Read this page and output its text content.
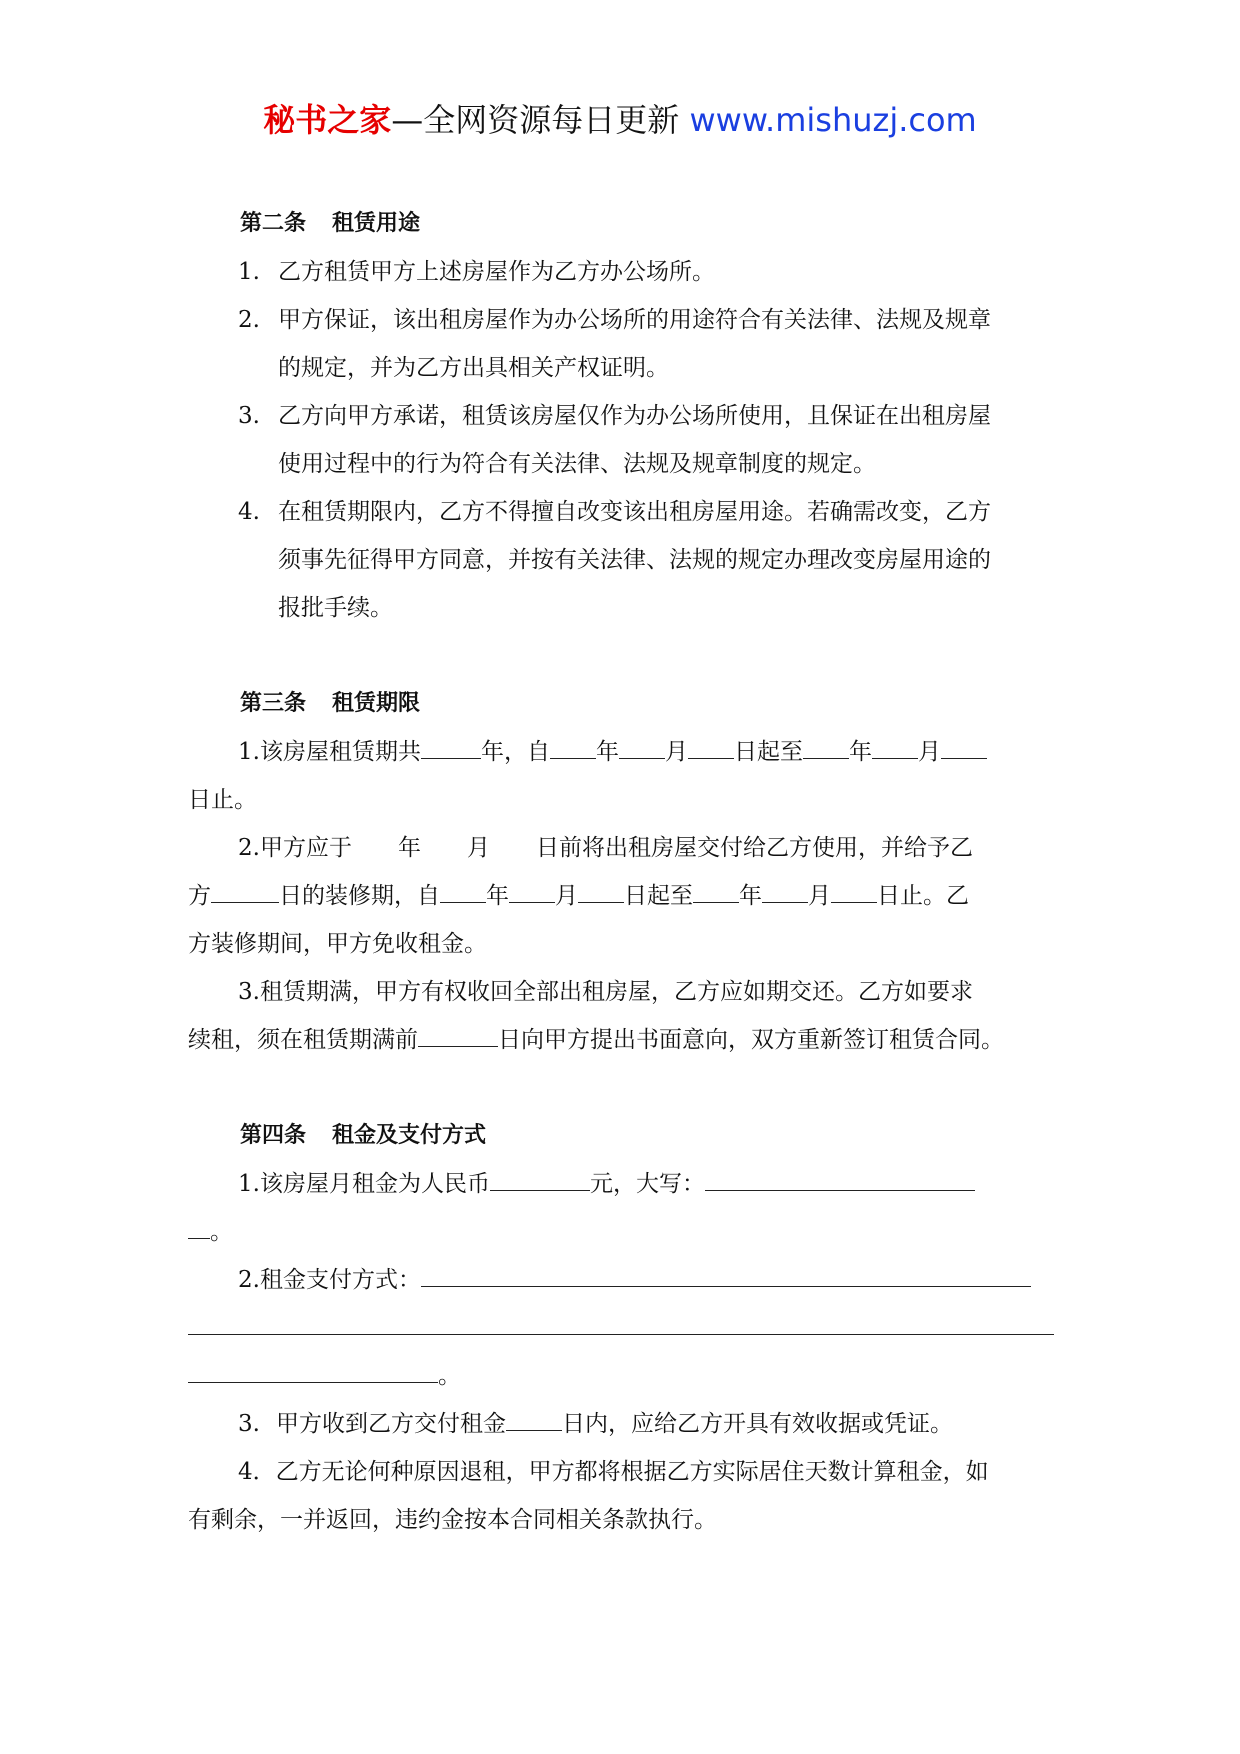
秘书之家—全网资源每日更新 www.mishuzj.com
第二条 租赁用途
1. 乙方租赁甲方上述房屋作为乙方办公场所。
2. 甲方保证，该出租房屋作为办公场所的用途符合有关法律、法规及规章
的规定，并为乙方出具相关产权证明。
3. 乙方向甲方承诺，租赁该房屋仅作为办公场所使用，且保证在出租房屋
使用过程中的行为符合有关法律、法规及规章制度的规定。
4. 在租赁期限内，乙方不得擅自改变该出租房屋用途。若确需改变，乙方
须事先征得甲方同意，并按有关法律、法规的规定办理改变房屋用途的
报批手续。
第三条 租赁期限
1.该房屋租赁期共	年，自 年 月 日起至 年 月
日止。
2.甲方应于 年 月 日前将出租房屋交付给乙方使用，并给予乙
方	日的装修期，自 年 月 日起至 年 月 日止。乙
方装修期间，甲方免收租金。
3.租赁期满，甲方有权收回全部出租房屋，乙方应如期交还。乙方如要求
续租，须在租赁期满前	日向甲方提出书面意向，双方重新签订租赁合同。
第四条 租金及支付方式
1.该房屋月租金为人民币	元，大写：
。
2.租金支付方式：
。
3. 甲方收到乙方交付租金 日内，应给乙方开具有效收据或凭证。
4．乙方无论何种原因退租，甲方都将根据乙方实际居住天数计算租金，如
有剩余，一并返回，违约金按本合同相关条款执行。
